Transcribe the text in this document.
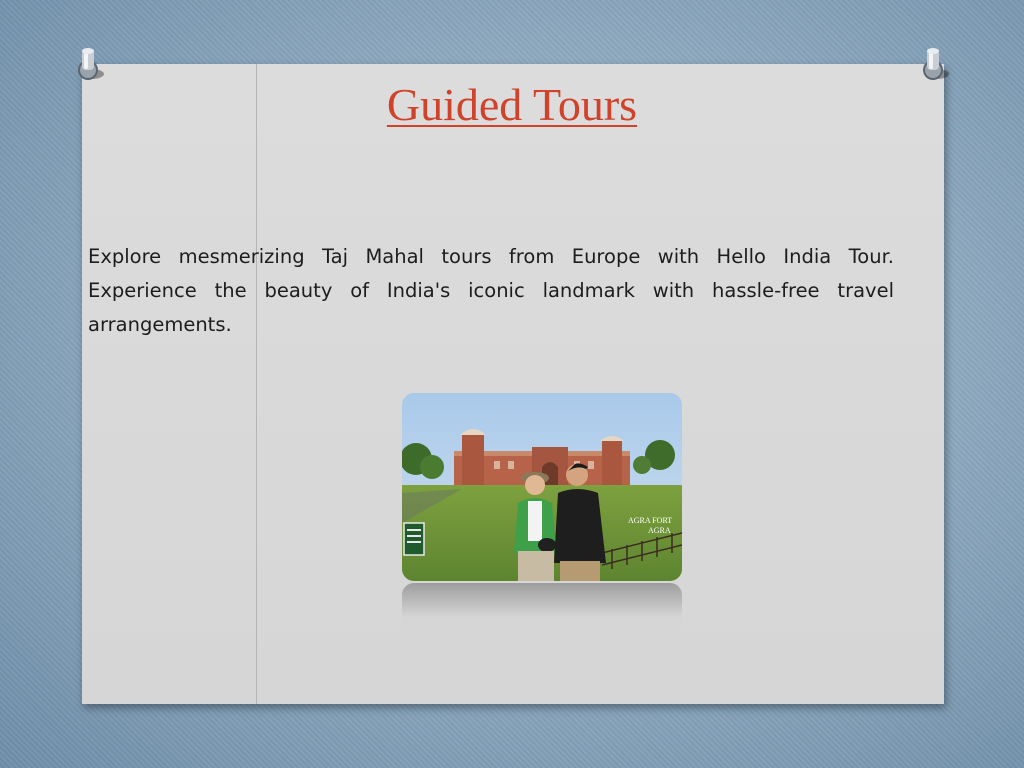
Guided Tours

Explore mesmerizing Taj Mahal tours from Europe with Hello India Tour. Experience the beauty of India's iconic landmark with hassle-free travel arrangements.

AGRA FORT
AGRA
